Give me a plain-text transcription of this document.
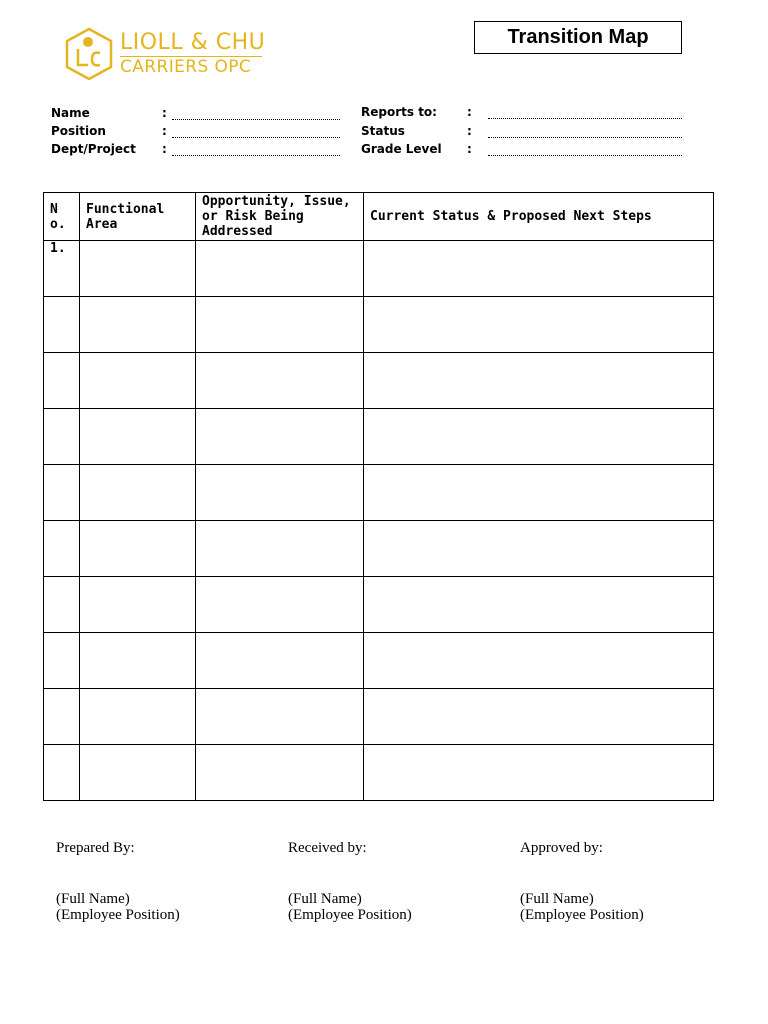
LIOLL & CHU
CARRIERS OPC
Transition Map
Name	:
Position	:
Dept/Project :
Reports to:	:
Status	:
Grade Level :
No.	Functional Area	Opportunity, Issue, or Risk Being Addressed	Current Status & Proposed Next Steps
1.			

Prepared By:
(Full Name)
(Employee Position)
Received by:
(Full Name)
(Employee Position)
Approved by:
(Full Name)
(Employee Position)
